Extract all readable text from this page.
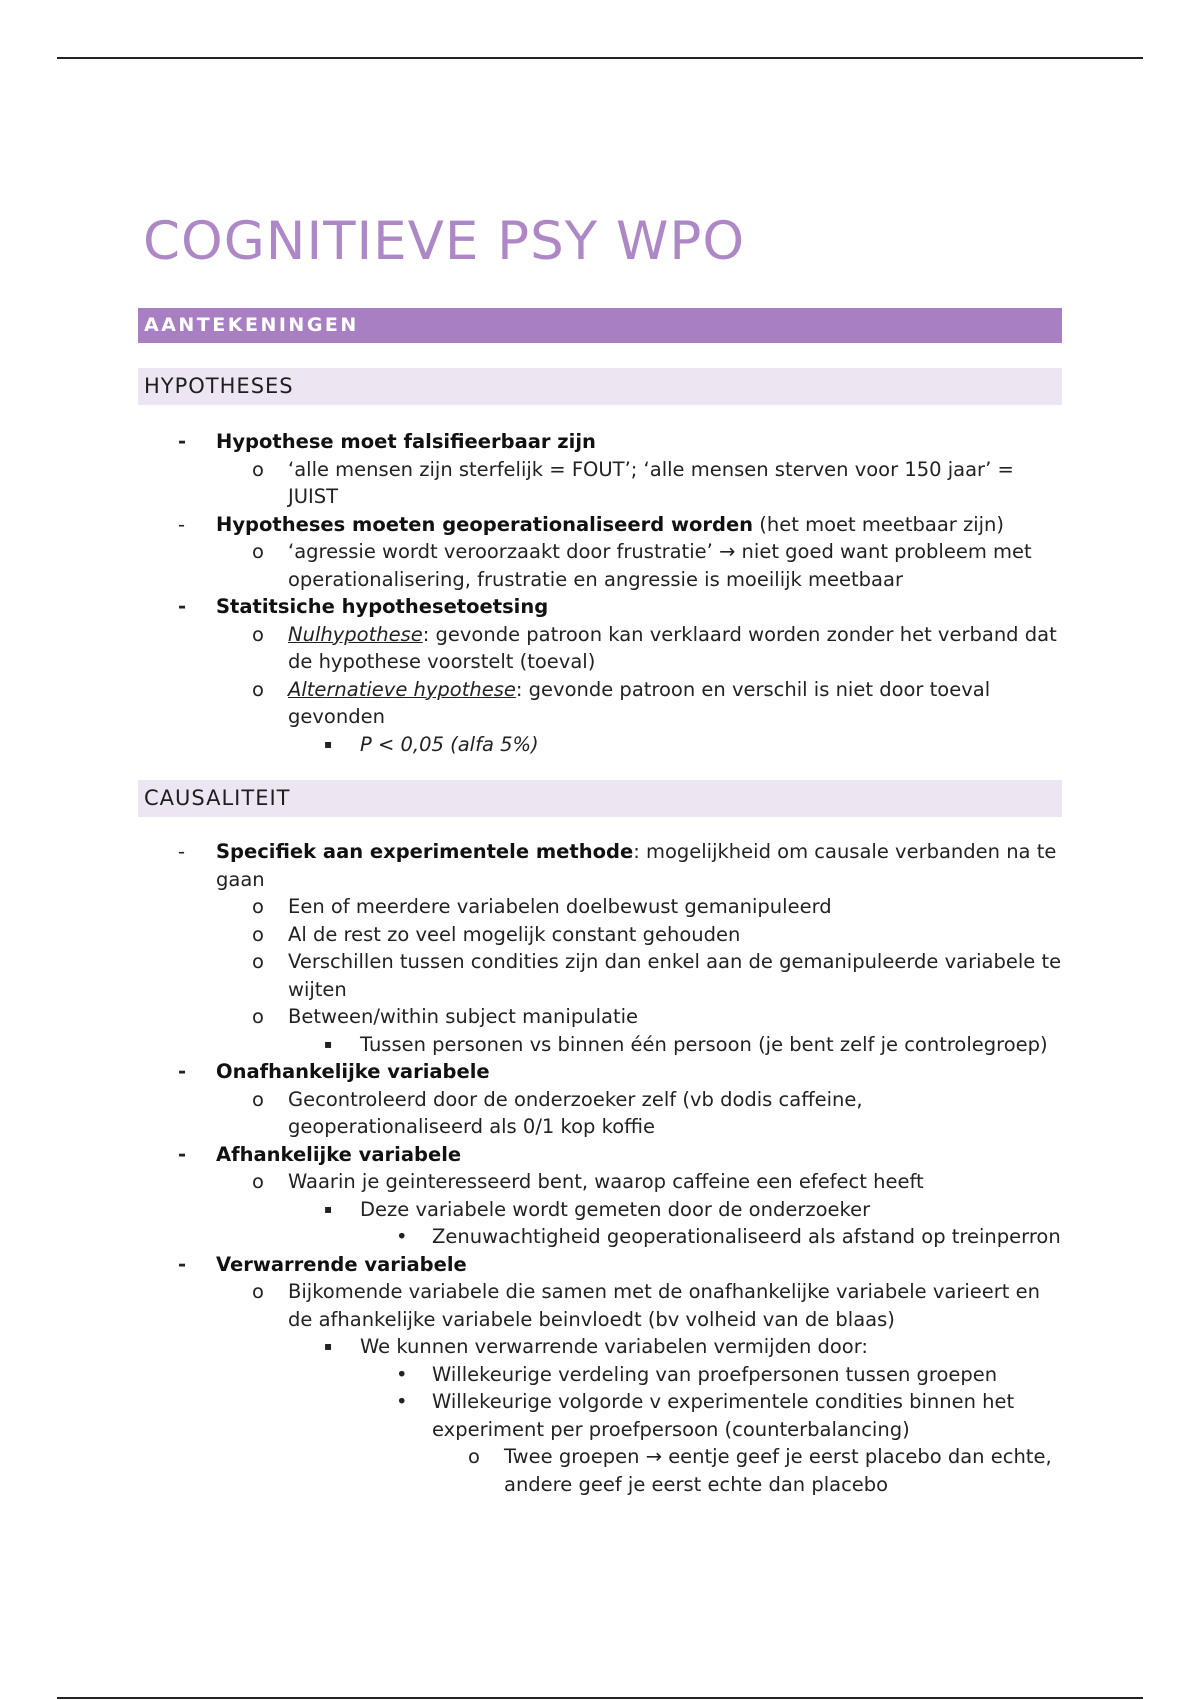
COGNITIEVE PSY WPO
AANTEKENINGEN
HYPOTHESES
- Hypothese moet falsifieerbaar zijn
o ‘alle mensen zijn sterfelijk = FOUT’; ‘alle mensen sterven voor 150 jaar’ = JUIST
- Hypotheses moeten geoperationaliseerd worden (het moet meetbaar zijn)
o ‘agressie wordt veroorzaakt door frustratie’ → niet goed want probleem met operationalisering, frustratie en angressie is moeilijk meetbaar
- Statitsiche hypothesetoetsing
o Nulhypothese: gevonde patroon kan verklaard worden zonder het verband dat de hypothese voorstelt (toeval)
o Alternatieve hypothese: gevonde patroon en verschil is niet door toeval gevonden
▪ P < 0,05 (alfa 5%)
CAUSALITEIT
- Specifiek aan experimentele methode: mogelijkheid om causale verbanden na te gaan
o Een of meerdere variabelen doelbewust gemanipuleerd
o Al de rest zo veel mogelijk constant gehouden
o Verschillen tussen condities zijn dan enkel aan de gemanipuleerde variabele te wijten
o Between/within subject manipulatie
▪ Tussen personen vs binnen één persoon (je bent zelf je controlegroep)
- Onafhankelijke variabele
o Gecontroleerd door de onderzoeker zelf (vb dodis caffeine, geoperationaliseerd als 0/1 kop koffie
- Afhankelijke variabele
o Waarin je geinteresseerd bent, waarop caffeine een efefect heeft
▪ Deze variabele wordt gemeten door de onderzoeker
• Zenuwachtigheid geoperationaliseerd als afstand op treinperron
- Verwarrende variabele
o Bijkomende variabele die samen met de onafhankelijke variabele varieert en de afhankelijke variabele beinvloedt (bv volheid van de blaas)
▪ We kunnen verwarrende variabelen vermijden door:
• Willekeurige verdeling van proefpersonen tussen groepen
• Willekeurige volgorde v experimentele condities binnen het experiment per proefpersoon (counterbalancing)
o Twee groepen → eentje geef je eerst placebo dan echte, andere geef je eerst echte dan placebo
